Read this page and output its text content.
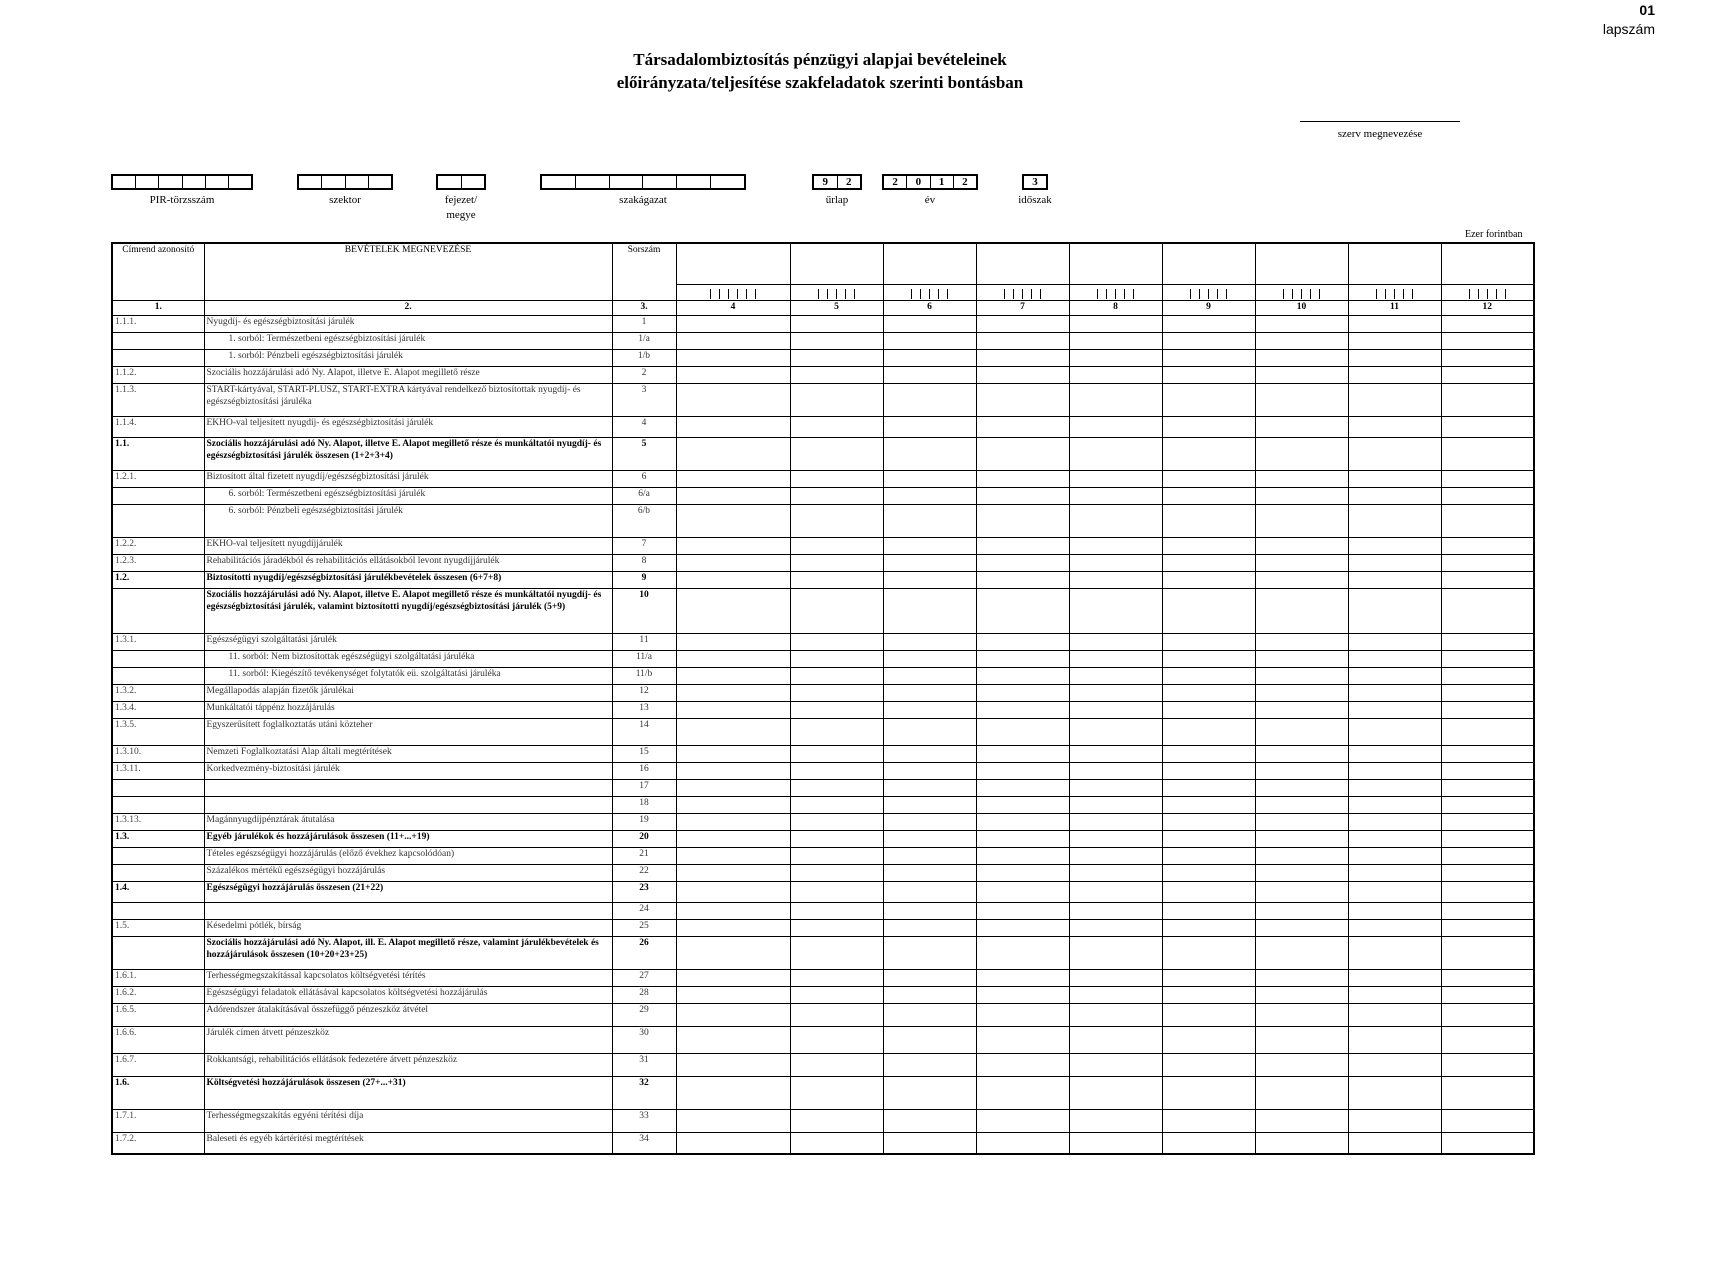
01
lapszám
Társadalombiztosítás pénzügyi alapjai bevételeinek
előirányzata/teljesítése szakfeladatok szerinti bontásban
szerv megnevezése
PIR-törzsszám	szektor	fejezet/
megye
szakágazat
9	2
űrlap
2	0	1	2
év
3
időszak
Ezer forintban
Címrend azonosító	BEVÉTELEK MEGNEVEZÉSE	Sorszám									

1.	2.	3.	4	5	6	7	8	9	10	11	12
1.1.1.	Nyugdíj- és egészségbiztosítási járulék	1									
	1. sorból: Természetbeni egészségbiztosítási járulék	1/a									
	1. sorból: Pénzbeli egészségbiztosítási járulék	1/b									
1.1.2.	Szociális hozzájárulási adó Ny. Alapot, illetve E. Alapot megillető része	2									
1.1.3.	START-kártyával, START-PLUSZ, START-EXTRA kártyával rendelkező biztosítottak nyugdíj- és egészségbiztosítási járuléka	3									
1.1.4.	EKHO-val teljesített nyugdíj- és egészségbiztosítási járulék	4									
1.1.	Szociális hozzájárulási adó Ny. Alapot, illetve E. Alapot megillető része és munkáltatói nyugdíj- és egészségbiztosítási járulék összesen (1+2+3+4)	5									
1.2.1.	Biztosított által fizetett nyugdíj/egészségbiztosítási járulék	6									
	6. sorból: Természetbeni egészségbiztosítási járulék	6/a									
	6. sorból: Pénzbeli egészségbiztosítási járulék	6/b									
1.2.2.	EKHO-val teljesített nyugdíjjárulék	7									
1.2.3.	Rehabilitációs járadékból és rehabilitációs ellátásokból levont nyugdíjjárulék	8									
1.2.	Biztosítotti nyugdíj/egészségbiztosítási járulékbevételek összesen (6+7+8)	9									
	Szociális hozzájárulási adó Ny. Alapot, illetve E. Alapot megillető része és munkáltatói nyugdíj- és egészségbiztosítási járulék, valamint biztosítotti nyugdíj/egészségbiztosítási járulék (5+9)	10									
1.3.1.	Egészségügyi szolgáltatási járulék	11									
	11. sorból: Nem biztosítottak egészségügyi szolgáltatási járuléka	11/a									
	11. sorból: Kiegészítő tevékenységet folytatók eü. szolgáltatási járuléka	11/b									
1.3.2.	Megállapodás alapján fizetők járulékai	12									
1.3.4.	Munkáltatói táppénz hozzájárulás	13									
1.3.5.	Egyszerűsített foglalkoztatás utáni közteher	14									
1.3.10.	Nemzeti Foglalkoztatási Alap általi megtérítések	15									
1.3.11.	Korkedvezmény-biztosítási járulék	16									
		17									
		18									
1.3.13.	Magánnyugdíjpénztárak átutalása	19									
1.3.	Egyéb járulékok és hozzájárulások összesen (11+...+19)	20									
	Tételes egészségügyi hozzájárulás (előző évekhez kapcsolódóan)	21									
	Százalékos mértékű egészségügyi hozzájárulás	22									
1.4.	Egészségügyi hozzájárulás összesen (21+22)	23									
		24									
1.5.	Késedelmi pótlék, bírság	25									
	Szociális hozzájárulási adó Ny. Alapot, ill. E. Alapot megillető része, valamint járulékbevételek és hozzájárulások összesen (10+20+23+25)	26									
1.6.1.	Terhességmegszakítással kapcsolatos költségvetési térítés	27									
1.6.2.	Egészségügyi feladatok ellátásával kapcsolatos költségvetési hozzájárulás	28									
1.6.5.	Adórendszer átalakításával összefüggő pénzeszköz átvétel	29									
1.6.6.	Járulék címen átvett pénzeszköz	30									
1.6.7.	Rokkantsági, rehabilitációs ellátások fedezetére átvett pénzeszköz	31									
1.6.	Költségvetési hozzájárulások összesen (27+...+31)	32									
1.7.1.	Terhességmegszakítás egyéni térítési díja	33									
1.7.2.	Baleseti és egyéb kártérítési megtérítések	34									
